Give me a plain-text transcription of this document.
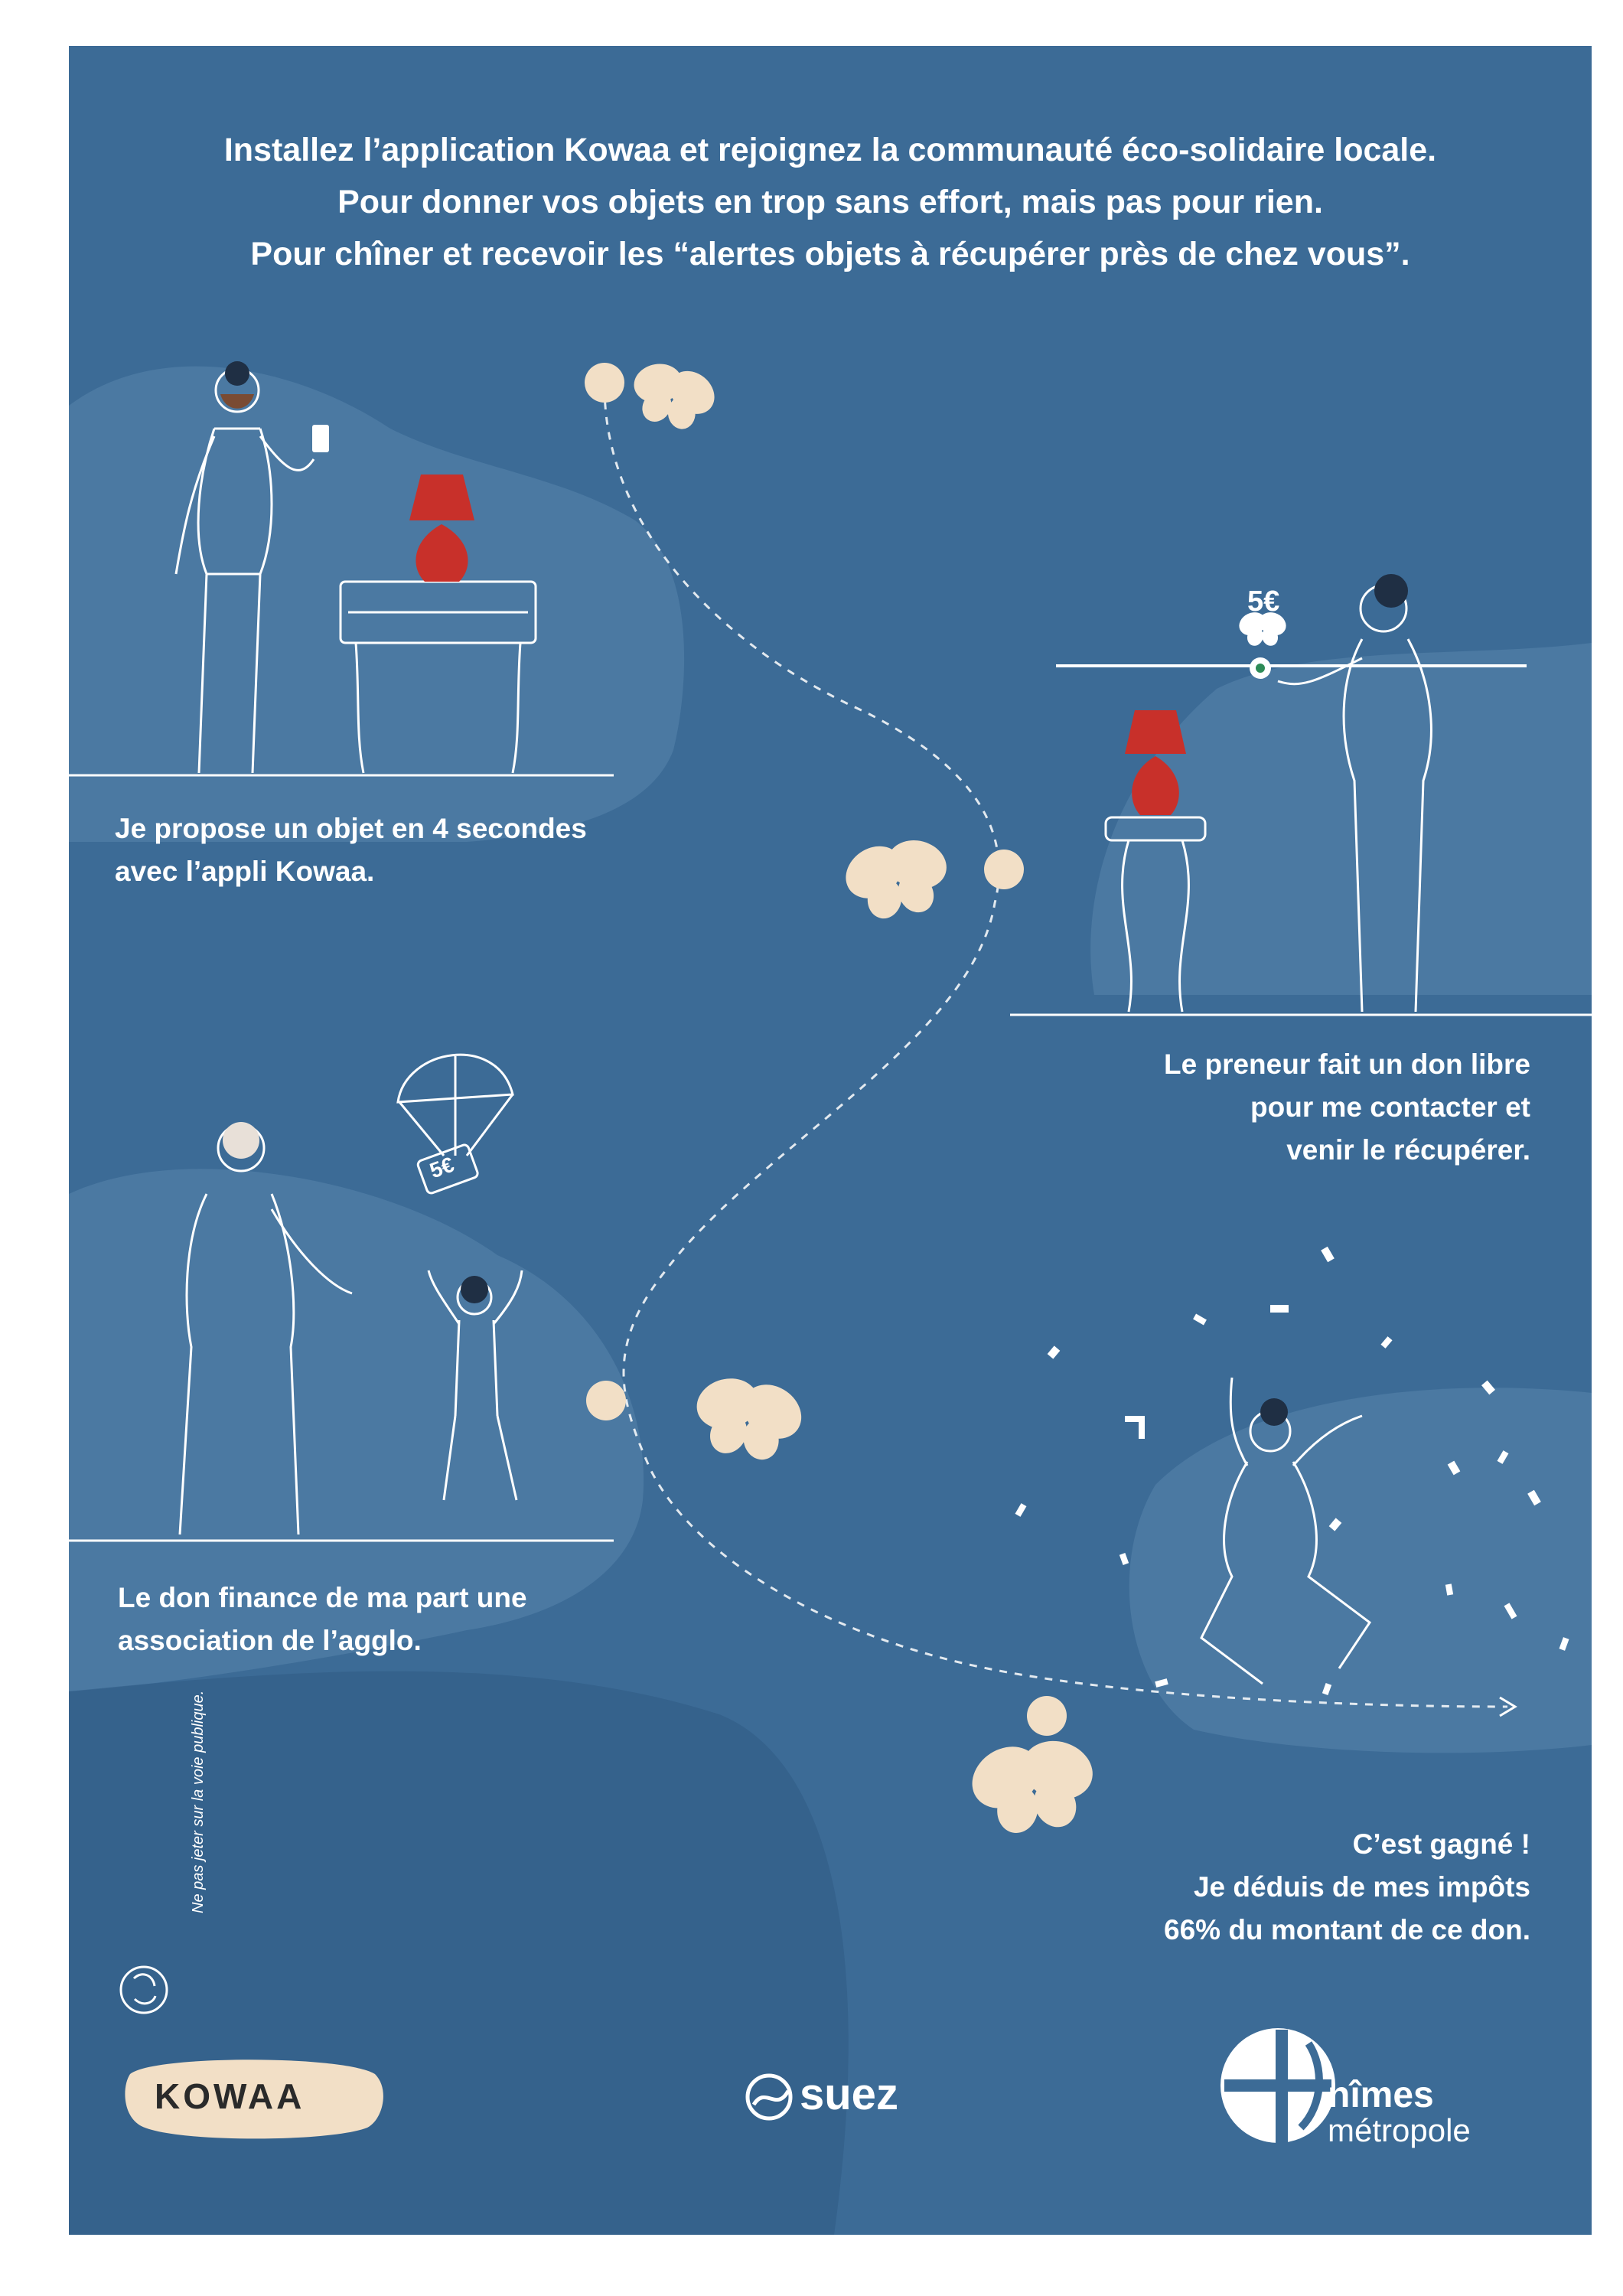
Installez l’application Kowaa et rejoignez la communauté éco-solidaire locale.
Pour donner vos objets en trop sans effort, mais pas pour rien.
Pour chîner et recevoir les “alertes objets à récupérer près de chez vous”.
Je propose un objet en 4 secondes
avec l’appli Kowaa.
Le preneur fait un don libre
pour me contacter et
venir le récupérer.
Le don finance de ma part une
association de l’agglo.
C’est gagné !
Je déduis de mes impôts
66% du montant de ce don.
5€
5€
Ne pas jeter sur la voie publique.
KOWAA	suez	nîmes
métropole
